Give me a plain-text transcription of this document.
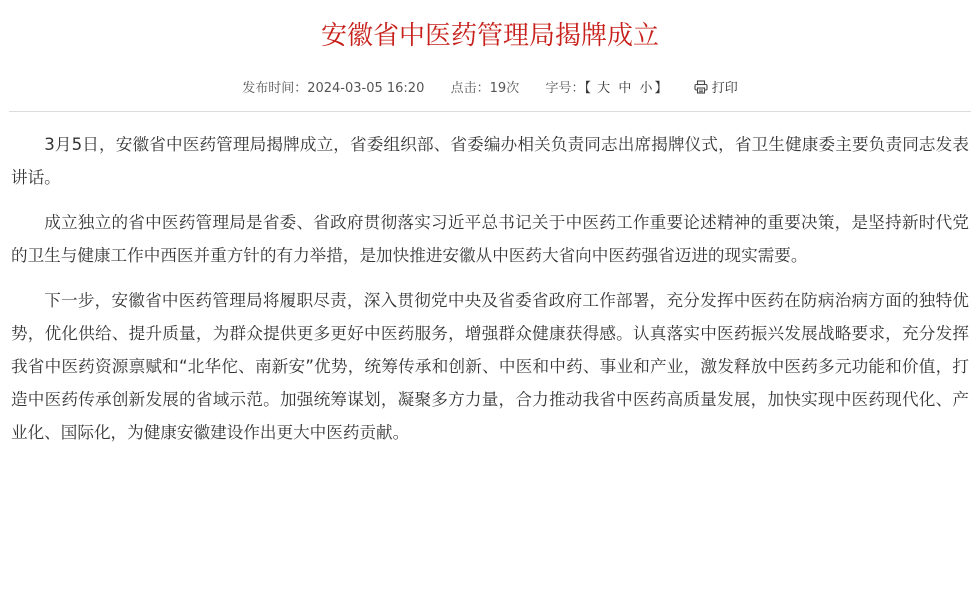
安徽省中医药管理局揭牌成立
发布时间：2024-03-05 16:20 点击：19次 字号：【 大 中 小 】	打印

3月5日，安徽省中医药管理局揭牌成立，省委组织部、省委编办相关负责同志出席揭牌仪式，省卫生健康委主要负责同志发表讲话。

成立独立的省中医药管理局是省委、省政府贯彻落实习近平总书记关于中医药工作重要论述精神的重要决策，是坚持新时代党的卫生与健康工作中西医并重方针的有力举措，是加快推进安徽从中医药大省向中医药强省迈进的现实需要。

下一步，安徽省中医药管理局将履职尽责，深入贯彻党中央及省委省政府工作部署，充分发挥中医药在防病治病方面的独特优势，优化供给、提升质量，为群众提供更多更好中医药服务，增强群众健康获得感。认真落实中医药振兴发展战略要求，充分发挥我省中医药资源禀赋和“北华佗、南新安”优势，统筹传承和创新、中医和中药、事业和产业，激发释放中医药多元功能和价值，打造中医药传承创新发展的省域示范。加强统筹谋划，凝聚多方力量，合力推动我省中医药高质量发展，加快实现中医药现代化、产业化、国际化，为健康安徽建设作出更大中医药贡献。
